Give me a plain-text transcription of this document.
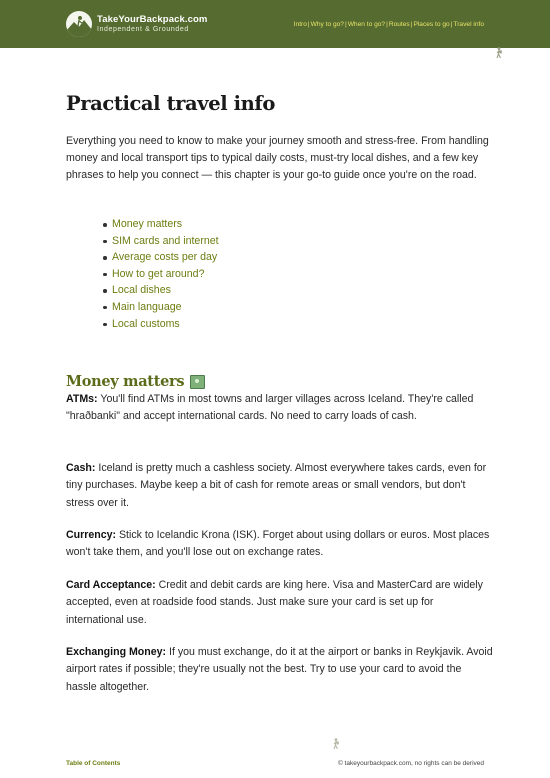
TakeYourBackpack.com
Independent & Grounded
Intro | Why to go? | When to go? | Routes | Places to go | Travel info
Practical travel info

Everything you need to know to make your journey smooth and stress-free. From handling money and local transport tips to typical daily costs, must-try local dishes, and a few key phrases to help you connect — this chapter is your go-to guide once you're on the road.

Money matters
SIM cards and internet
Average costs per day
How to get around?
Local dishes
Main language
Local customs
Money matters

ATMs: You'll find ATMs in most towns and larger villages across Iceland. They're called "hraðbanki" and accept international cards. No need to carry loads of cash.

Cash: Iceland is pretty much a cashless society. Almost everywhere takes cards, even for tiny purchases. Maybe keep a bit of cash for remote areas or small vendors, but don't stress over it.

Currency: Stick to Icelandic Krona (ISK). Forget about using dollars or euros. Most places won't take them, and you'll lose out on exchange rates.

Card Acceptance: Credit and debit cards are king here. Visa and MasterCard are widely accepted, even at roadside food stands. Just make sure your card is set up for international use.

Exchanging Money: If you must exchange, do it at the airport or banks in Reykjavik. Avoid airport rates if possible; they're usually not the best. Try to use your card to avoid the hassle altogether.

Table of Contents	© takeyourbackpack.com, no rights can be derived
